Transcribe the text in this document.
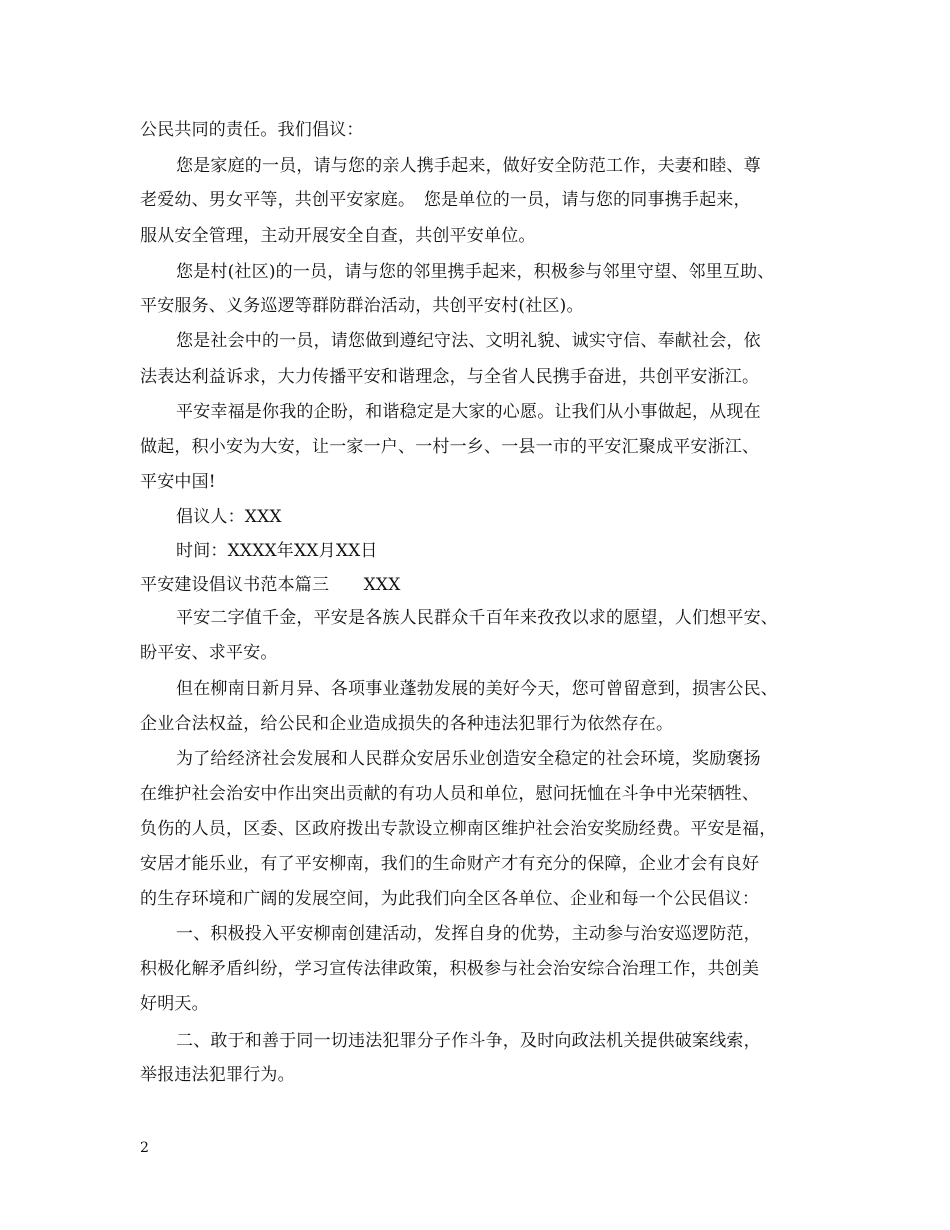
公民共同的责任。我们倡议：
您是家庭的一员，请与您的亲人携手起来，做好安全防范工作，夫妻和睦、尊
老爱幼、男女平等，共创平安家庭。　您是单位的一员，请与您的同事携手起来，
服从安全管理，主动开展安全自查，共创平安单位。
您是村(社区)的一员，请与您的邻里携手起来，积极参与邻里守望、邻里互助、
平安服务、义务巡逻等群防群治活动，共创平安村(社区)。
您是社会中的一员，请您做到遵纪守法、文明礼貌、诚实守信、奉献社会，依
法表达利益诉求，大力传播平安和谐理念，与全省人民携手奋进，共创平安浙江。
平安幸福是你我的企盼，和谐稳定是大家的心愿。让我们从小事做起，从现在
做起，积小安为大安，让一家一户、一村一乡、一县一市的平安汇聚成平安浙江、
平安中国!
倡议人：XXX
时间：XXXX年XX月XX日
平安建设倡议书范本篇三　　XXX
平安二字值千金，平安是各族人民群众千百年来孜孜以求的愿望，人们想平安、
盼平安、求平安。
但在柳南日新月异、各项事业蓬勃发展的美好今天，您可曾留意到，损害公民、
企业合法权益，给公民和企业造成损失的各种违法犯罪行为依然存在。
为了给经济社会发展和人民群众安居乐业创造安全稳定的社会环境，奖励褒扬
在维护社会治安中作出突出贡献的有功人员和单位，慰问抚恤在斗争中光荣牺牲、
负伤的人员，区委、区政府拨出专款设立柳南区维护社会治安奖励经费。平安是福，
安居才能乐业，有了平安柳南，我们的生命财产才有充分的保障，企业才会有良好
的生存环境和广阔的发展空间，为此我们向全区各单位、企业和每一个公民倡议：
一、积极投入平安柳南创建活动，发挥自身的优势，主动参与治安巡逻防范，
积极化解矛盾纠纷，学习宣传法律政策，积极参与社会治安综合治理工作，共创美
好明天。
二、敢于和善于同一切违法犯罪分子作斗争，及时向政法机关提供破案线索，
举报违法犯罪行为。
2
